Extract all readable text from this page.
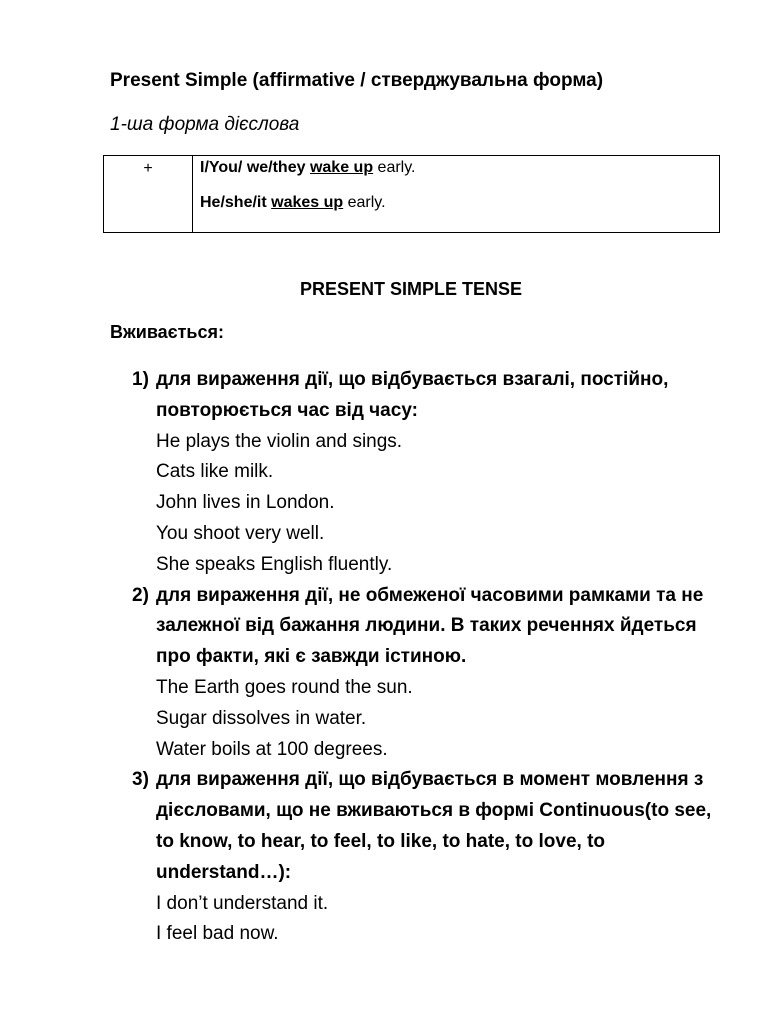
Present Simple (affirmative / стверджувальна форма)
1-ша форма дієслова
+	I/You/ we/they wake up early.
He/she/it wakes up early.
PRESENT SIMPLE TENSE
Вживається:
1) для вираження дії, що відбувається взагалі, постійно, повторюється час від часу:
He plays the violin and sings.
Cats like milk.
John lives in London.
You shoot very well.
She speaks English fluently.
2) для вираження дії, не обмеженої часовими рамками та не залежної від бажання людини. В таких реченнях йдеться про факти, які є завжди істиною.
The Earth goes round the sun.
Sugar dissolves in water.
Water boils at 100 degrees.
3) для вираження дії, що відбувається в момент мовлення з дієсловами, що не вживаються в формі Continuous(to see, to know, to hear, to feel, to like, to hate, to love, to understand…):
I don’t understand it.
I feel bad now.
